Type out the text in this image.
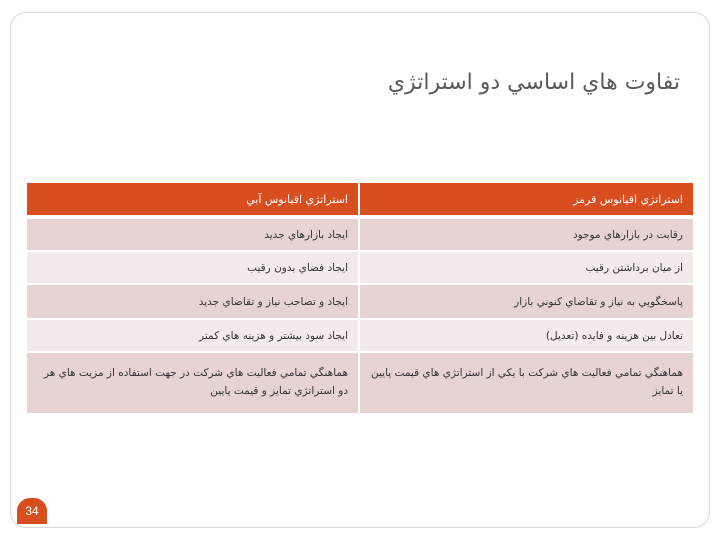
تفاوت هاي اساسي دو استراتژي
استراتژي اقيانوس قرمز	استراتژي اقيانوس آبي
رقابت در بازارهاي موجود	ايجاد بازارهاي جديد
از ميان برداشتن رقيب	ايجاد فضاي بدون رقيب
پاسخگويي به نياز و تقاضاي كنوني بازار	ايجاد و تصاحب نياز و تقاضاي جديد
تعادل بين هزينه و فايده (تعديل)	ايجاد سود بيشتر و هزينه هاي كمتر
هماهنگي تمامي فعاليت هاي شركت با يكي از استراتژي هاي قيمت پايين يا تمايز	هماهنگي تمامي فعاليت هاي شركت در جهت استفاده از مزيت هاي هر دو استراتژي تمايز و قيمت پايين
34
